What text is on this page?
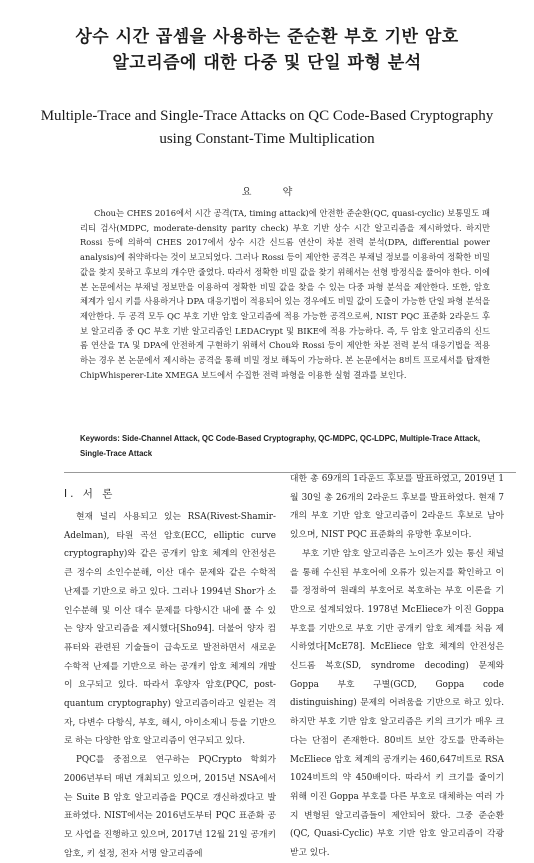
상수 시간 곱셈을 사용하는 준순환 부호 기반 암호
알고리즘에 대한 다중 및 단일 파형 분석
Multiple-Trace and Single-Trace Attacks on QC Code-Based Cryptography
using Constant-Time Multiplication
요 약

Chou는 CHES 2016에서 시간 공격(TA, timing attack)에 안전한 준순환(QC, quasi-cyclic) 보통밀도 패리티 검사(MDPC, moderate-density parity check) 부호 기반 상수 시간 알고리즘을 제시하였다. 하지만 Rossi 등에 의하여 CHES 2017에서 상수 시간 신드롬 연산이 차분 전력 분석(DPA, differential power analysis)에 취약하다는 것이 보고되었다. 그러나 Rossi 등이 제안한 공격은 부채널 정보를 이용하여 정확한 비밀 값을 찾지 못하고 후보의 개수만 줄였다. 따라서 정확한 비밀 값을 찾기 위해서는 선형 방정식을 풀어야 한다. 이에 본 논문에서는 부채널 정보만을 이용하여 정확한 비밀 값을 찾을 수 있는 다중 파형 분석을 제안한다. 또한, 암호 체계가 임시 키를 사용하거나 DPA 대응기법이 적용되어 있는 경우에도 비밀 값이 도출이 가능한 단일 파형 분석을 제안한다. 두 공격 모두 QC 부호 기반 암호 알고리즘에 적용 가능한 공격으로써, NIST PQC 표준화 2라운드 후보 알고리즘 중 QC 부호 기반 알고리즘인 LEDACrypt 및 BIKE에 적용 가능하다. 즉, 두 암호 알고리즘의 신드롬 연산을 TA 및 DPA에 안전하게 구현하기 위해서 Chou와 Rossi 등이 제안한 차분 전력 분석 대응기법을 적용하는 경우 본 논문에서 제시하는 공격을 통해 비밀 정보 해독이 가능하다. 본 논문에서는 8비트 프로세서를 탑재한 ChipWhisperer-Lite XMEGA 보드에서 수집한 전력 파형을 이용한 실험 결과를 보인다.

Keywords: Side-Channel Attack, QC Code-Based Cryptography, QC-MDPC, QC-LDPC, Multiple-Trace Attack, Single-Trace Attack

I. 서 론

현재 널리 사용되고 있는 RSA(Rivest-Shamir-Adelman), 타원 곡선 암호(ECC, elliptic curve cryptography)와 같은 공개키 암호 체계의 안전성은 큰 정수의 소인수분해, 이산 대수 문제와 같은 수학적 난제를 기반으로 하고 있다. 그러나 1994년 Shor가 소인수분해 및 이산 대수 문제를 다항시간 내에 풀 수 있는 양자 알고리즘을 제시했다[Sho94]. 더불어 양자 컴퓨터와 관련된 기술들이 급속도로 발전하면서 새로운 수학적 난제를 기반으로 하는 공개키 암호 체계의 개발이 요구되고 있다. 따라서 후양자 암호(PQC, post-quantum cryptography) 알고리즘이라고 일컫는 격자, 다변수 다항식, 부호, 해시, 아이소제니 등을 기반으로 하는 다양한 암호 알고리즘이 연구되고 있다.

PQC를 중점으로 연구하는 PQCrypto 학회가 2006년부터 매년 개최되고 있으며, 2015년 NSA에서는 Suite B 암호 알고리즘을 PQC로 갱신하겠다고 발표하였다. NIST에서는 2016년도부터 PQC 표준화 공모 사업을 진행하고 있으며, 2017년 12월 21일 공개키 암호, 키 설정, 전자 서명 알고리즘에

대한 총 69개의 1라운드 후보를 발표하였고, 2019년 1월 30일 총 26개의 2라운드 후보를 발표하였다. 현재 7개의 부호 기반 암호 알고리즘이 2라운드 후보로 남아 있으며, NIST PQC 표준화의 유망한 후보이다.

부호 기반 암호 알고리즘은 노이즈가 있는 통신 채널을 통해 수신된 부호어에 오류가 있는지를 확인하고 이를 정정하여 원래의 부호어로 복호하는 부호 이론을 기반으로 설계되었다. 1978년 McEliece가 이진 Goppa 부호를 기반으로 부호 기반 공개키 암호 체계를 처음 제시하였다[McE78]. McEliece 암호 체계의 안전성은 신드롬 복호(SD, syndrome decoding) 문제와 Goppa 부호 구별(GCD, Goppa code distinguishing) 문제의 어려움을 기반으로 하고 있다. 하지만 부호 기반 암호 알고리즘은 키의 크기가 매우 크다는 단점이 존재한다. 80비트 보안 강도를 만족하는 McEliece 암호 체계의 공개키는 460,647비트로 RSA 1024비트의 약 450배이다. 따라서 키 크기를 줄이기 위해 이진 Goppa 부호를 다른 부호로 대체하는 여러 가지 변형된 알고리즘들이 제안되어 왔다. 그중 준순환(QC, Quasi-Cyclic) 부호 기반 암호 알고리즘이 각광받고 있다.
